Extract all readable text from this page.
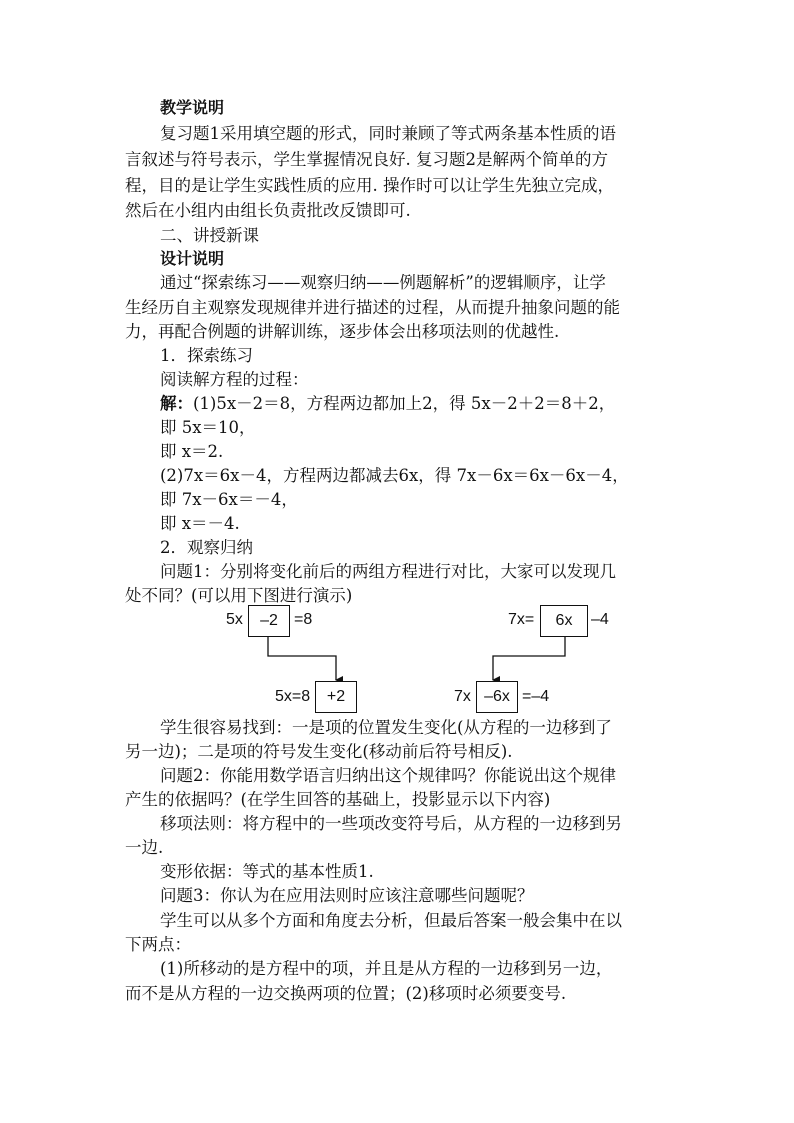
教学说明
复习题1采用填空题的形式，同时兼顾了等式两条基本性质的语
言叙述与符号表示，学生掌握情况良好. 复习题2是解两个简单的方
程，目的是让学生实践性质的应用. 操作时可以让学生先独立完成，
然后在小组内由组长负责批改反馈即可.
二、讲授新课
设计说明
通过“探索练习——观察归纳——例题解析”的逻辑顺序，让学
生经历自主观察发现规律并进行描述的过程，从而提升抽象问题的能
力，再配合例题的讲解训练，逐步体会出移项法则的优越性.
1．探索练习
阅读解方程的过程：
解：(1)5x－2＝8，方程两边都加上2，得 5x－2＋2＝8＋2，
即 5x＝10，
即 x＝2.
(2)7x＝6x－4，方程两边都减去6x，得 7x－6x＝6x－6x－4，
即 7x－6x＝－4，
即 x＝－4.
2．观察归纳
问题1：分别将变化前后的两组方程进行对比，大家可以发现几
处不同？(可以用下图进行演示)
5x	–2	=8
5x=8	+2
7x=	6x	–4
7x –6x =–4
学生很容易找到：一是项的位置发生变化(从方程的一边移到了
另一边)；二是项的符号发生变化(移动前后符号相反).
问题2：你能用数学语言归纳出这个规律吗？你能说出这个规律
产生的依据吗？(在学生回答的基础上，投影显示以下内容)
移项法则：将方程中的一些项改变符号后，从方程的一边移到另
一边.
变形依据：等式的基本性质1.
问题3：你认为在应用法则时应该注意哪些问题呢？
学生可以从多个方面和角度去分析，但最后答案一般会集中在以
下两点：
(1)所移动的是方程中的项，并且是从方程的一边移到另一边，
而不是从方程的一边交换两项的位置；(2)移项时必须要变号.
